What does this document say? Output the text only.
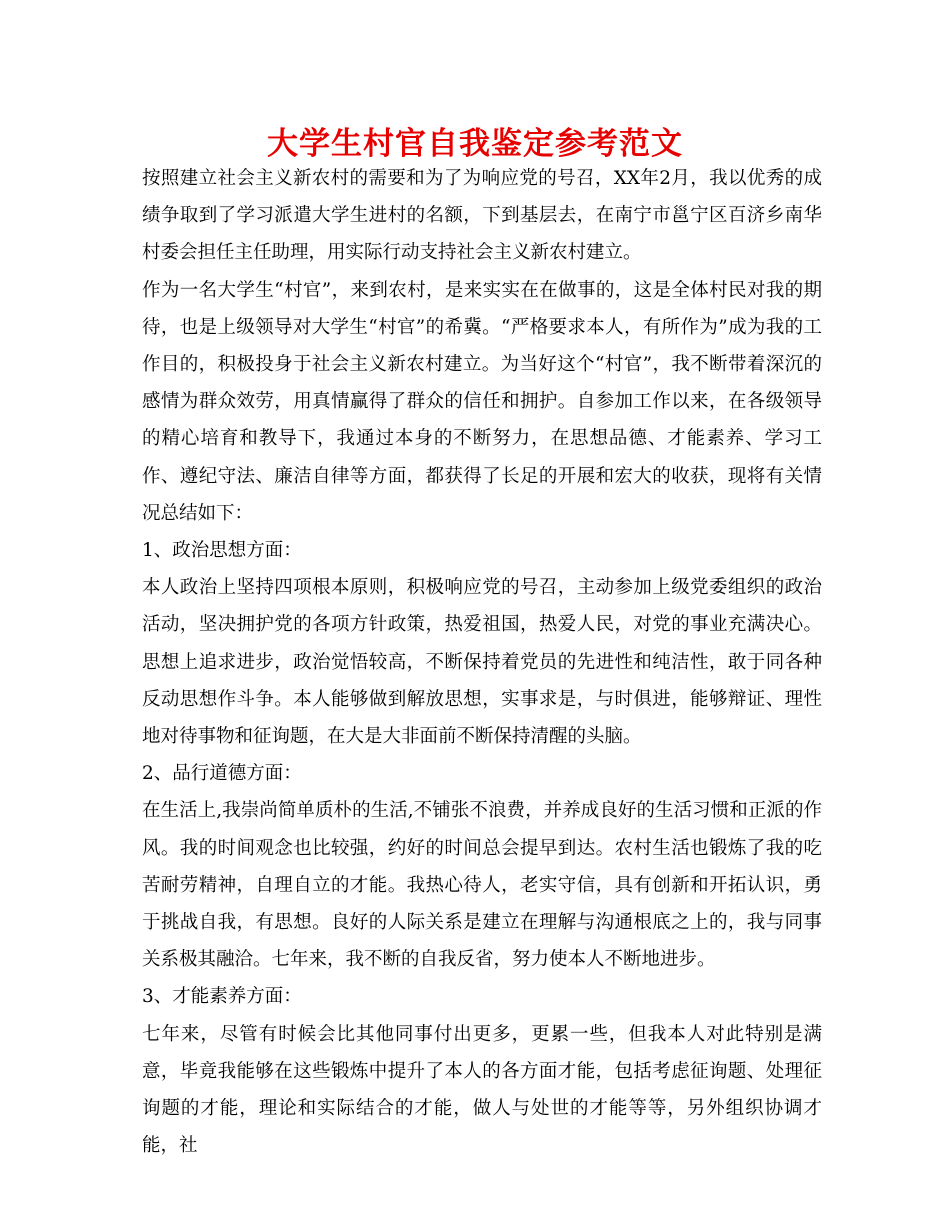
大学生村官自我鉴定参考范文

按照建立社会主义新农村的需要和为了为响应党的号召，XX年2月，我以优秀的成绩争取到了学习派遣大学生进村的名额，下到基层去，在南宁市邕宁区百济乡南华村委会担任主任助理，用实际行动支持社会主义新农村建立。

作为一名大学生“村官”，来到农村，是来实实在在做事的，这是全体村民对我的期待，也是上级领导对大学生“村官”的希冀。“严格要求本人，有所作为”成为我的工作目的，积极投身于社会主义新农村建立。为当好这个“村官”，我不断带着深沉的感情为群众效劳，用真情赢得了群众的信任和拥护。自参加工作以来，在各级领导的精心培育和教导下，我通过本身的不断努力，在思想品德、才能素养、学习工作、遵纪守法、廉洁自律等方面，都获得了长足的开展和宏大的收获，现将有关情况总结如下：

1、政治思想方面：

本人政治上坚持四项根本原则，积极响应党的号召，主动参加上级党委组织的政治活动，坚决拥护党的各项方针政策，热爱祖国，热爱人民，对党的事业充满决心。思想上追求进步，政治觉悟较高，不断保持着党员的先进性和纯洁性，敢于同各种反动思想作斗争。本人能够做到解放思想，实事求是，与时俱进，能够辩证、理性地对待事物和征询题，在大是大非面前不断保持清醒的头脑。

2、品行道德方面：

在生活上,我崇尚简单质朴的生活,不铺张不浪费，并养成良好的生活习惯和正派的作风。我的时间观念也比较强，约好的时间总会提早到达。农村生活也锻炼了我的吃苦耐劳精神，自理自立的才能。我热心待人，老实守信，具有创新和开拓认识，勇于挑战自我，有思想。良好的人际关系是建立在理解与沟通根底之上的，我与同事关系极其融洽。七年来，我不断的自我反省，努力使本人不断地进步。

3、才能素养方面：

七年来，尽管有时候会比其他同事付出更多，更累一些，但我本人对此特别是满意，毕竟我能够在这些锻炼中提升了本人的各方面才能，包括考虑征询题、处理征询题的才能，理论和实际结合的才能，做人与处世的才能等等，另外组织协调才能，社
